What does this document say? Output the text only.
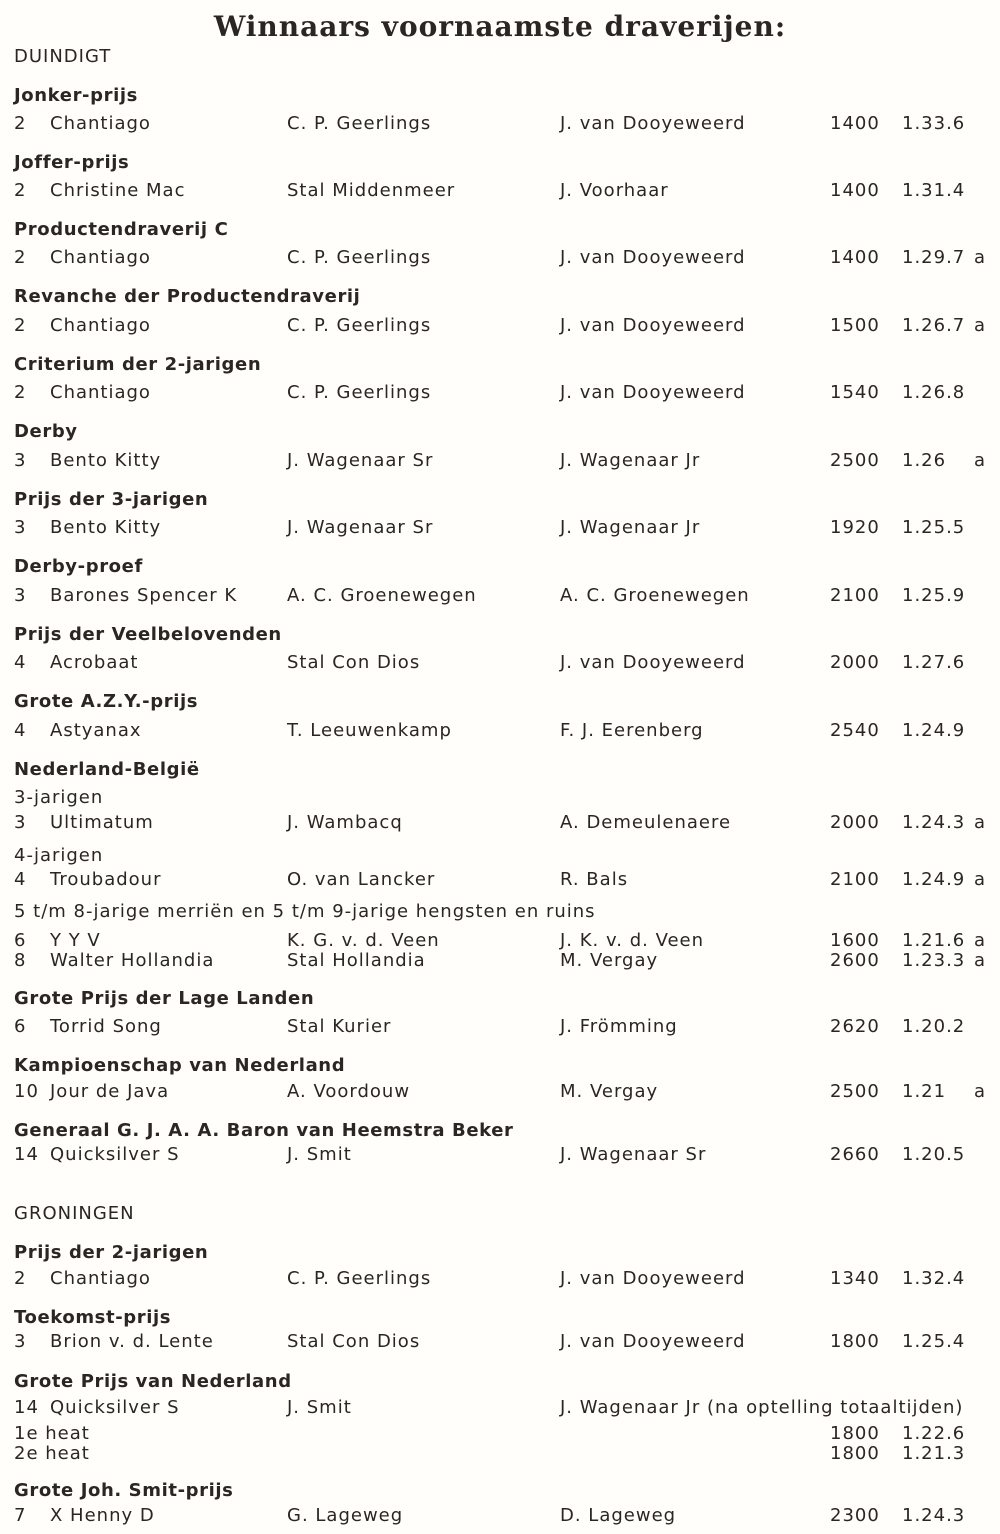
Winnaars voornaamste draverijen:
DUINDIGT
GRONINGEN
Jonker-prijs
2 Chantiago	C. P. Geerlings	J. van Dooyeweerd	1400 1.33.6
Joffer-prijs
2 Christine Mac	Stal Middenmeer	J. Voorhaar	1400 1.31.4
Productendraverij C
2 Chantiago	C. P. Geerlings	J. van Dooyeweerd	1400 1.29.7 a
Revanche der Productendraverij
2 Chantiago	C. P. Geerlings	J. van Dooyeweerd	1500 1.26.7 a
Criterium der 2-jarigen
2 Chantiago	C. P. Geerlings	J. van Dooyeweerd	1540 1.26.8
Derby
3 Bento Kitty	J. Wagenaar Sr	J. Wagenaar Jr	2500 1.26 a
Prijs der 3-jarigen
3 Bento Kitty	J. Wagenaar Sr	J. Wagenaar Jr	1920 1.25.5
Derby-proef
3 Barones Spencer K	A. C. Groenewegen	A. C. Groenewegen	2100 1.25.9
Prijs der Veelbelovenden
4 Acrobaat	Stal Con Dios	J. van Dooyeweerd	2000 1.27.6
Grote A.Z.Y.-prijs
4 Astyanax	T. Leeuwenkamp	F. J. Eerenberg	2540 1.24.9
Grote Prijs der Lage Landen
6 Torrid Song	Stal Kurier	J. Frömming	2620 1.20.2
Kampioenschap van Nederland
10 Jour de Java	A. Voordouw	M. Vergay	2500 1.21 a
Generaal G. J. A. A. Baron van Heemstra Beker
14 Quicksilver S	J. Smit	J. Wagenaar Sr	2660 1.20.5
Prijs der 2-jarigen
2 Chantiago	C. P. Geerlings	J. van Dooyeweerd	1340 1.32.4
Toekomst-prijs
3 Brion v. d. Lente	Stal Con Dios	J. van Dooyeweerd	1800 1.25.4
Grote Joh. Smit-prijs
7 X Henny D	G. Lageweg	D. Lageweg	2300 1.24.3
Nederland-België
3-jarigen
3 Ultimatum	J. Wambacq	A. Demeulenaere	2000 1.24.3 a
4-jarigen
4 Troubadour	O. van Lancker	R. Bals	2100 1.24.9 a
5 t/m 8-jarige merriën en 5 t/m 9-jarige hengsten en ruins
6 Y Y V	K. G. v. d. Veen	J. K. v. d. Veen	1600 1.21.6 a
8 Walter Hollandia	Stal Hollandia	M. Vergay	2600 1.23.3 a
Grote Prijs van Nederland
14 Quicksilver S	J. Smit	J. Wagenaar Jr (na optelling totaaltijden)
1e heat	1800 1.22.6
2e heat	1800 1.21.3
